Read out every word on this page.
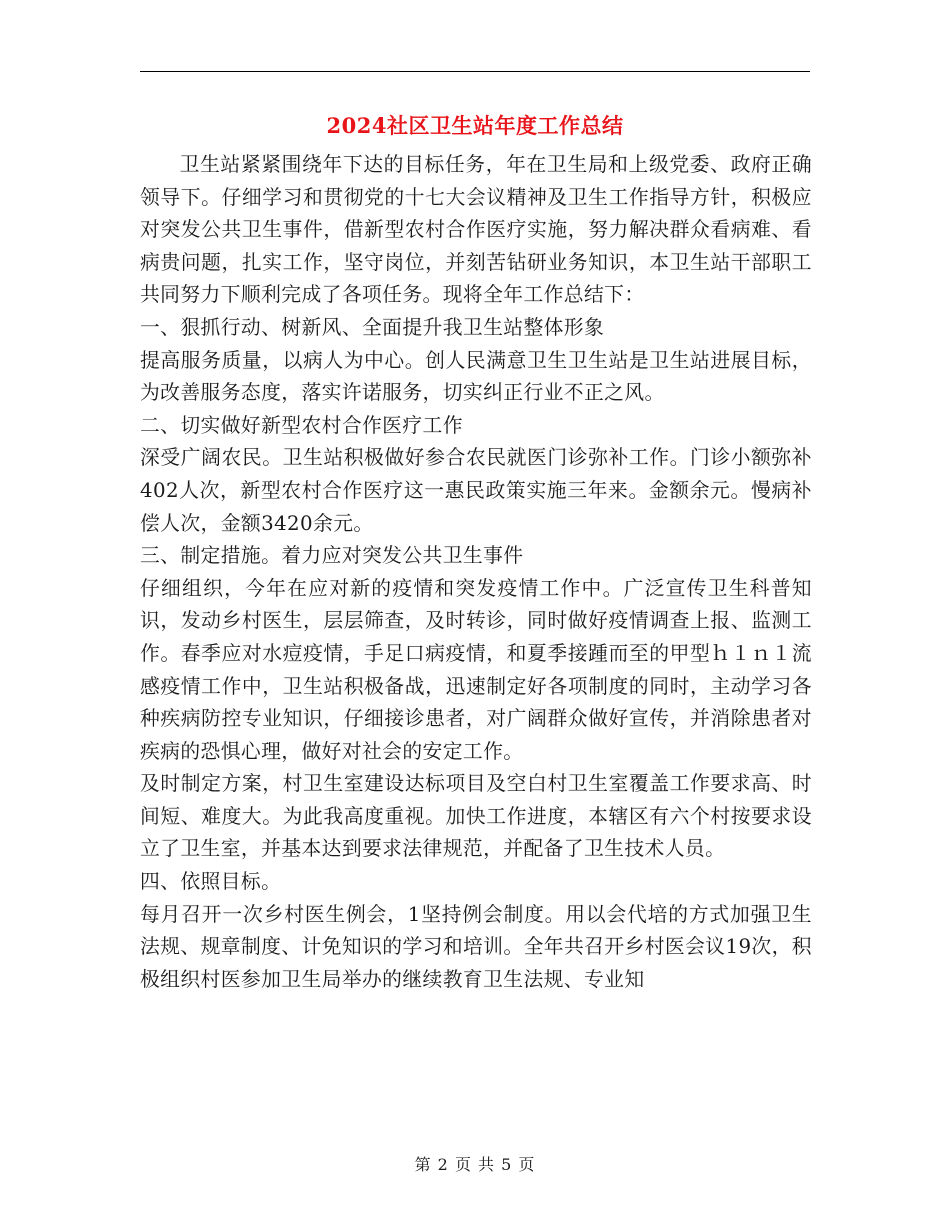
2024社区卫生站年度工作总结

卫生站紧紧围绕年下达的目标任务，年在卫生局和上级党委、政府正确领导下。仔细学习和贯彻党的十七大会议精神及卫生工作指导方针，积极应对突发公共卫生事件，借新型农村合作医疗实施，努力解决群众看病难、看病贵问题，扎实工作，坚守岗位，并刻苦钻研业务知识，本卫生站干部职工共同努力下顺利完成了各项任务。现将全年工作总结下：

一、狠抓行动、树新风、全面提升我卫生站整体形象

提高服务质量，以病人为中心。创人民满意卫生卫生站是卫生站进展目标，为改善服务态度，落实许诺服务，切实纠正行业不正之风。

二、切实做好新型农村合作医疗工作

深受广阔农民。卫生站积极做好参合农民就医门诊弥补工作。门诊小额弥补402人次，新型农村合作医疗这一惠民政策实施三年来。金额余元。慢病补偿人次，金额3420余元。

三、制定措施。着力应对突发公共卫生事件

仔细组织，今年在应对新的疫情和突发疫情工作中。广泛宣传卫生科普知识，发动乡村医生，层层筛查，及时转诊，同时做好疫情调查上报、监测工作。春季应对水痘疫情，手足口病疫情，和夏季接踵而至的甲型ｈ１ｎ１流感疫情工作中，卫生站积极备战，迅速制定好各项制度的同时，主动学习各种疾病防控专业知识，仔细接诊患者，对广阔群众做好宣传，并消除患者对疾病的恐惧心理，做好对社会的安定工作。

及时制定方案，村卫生室建设达标项目及空白村卫生室覆盖工作要求高、时间短、难度大。为此我高度重视。加快工作进度，本辖区有六个村按要求设立了卫生室，并基本达到要求法律规范，并配备了卫生技术人员。

四、依照目标。

每月召开一次乡村医生例会，1坚持例会制度。用以会代培的方式加强卫生法规、规章制度、计免知识的学习和培训。全年共召开乡村医会议19次，积极组织村医参加卫生局举办的继续教育卫生法规、专业知

第 2 页 共 5 页
